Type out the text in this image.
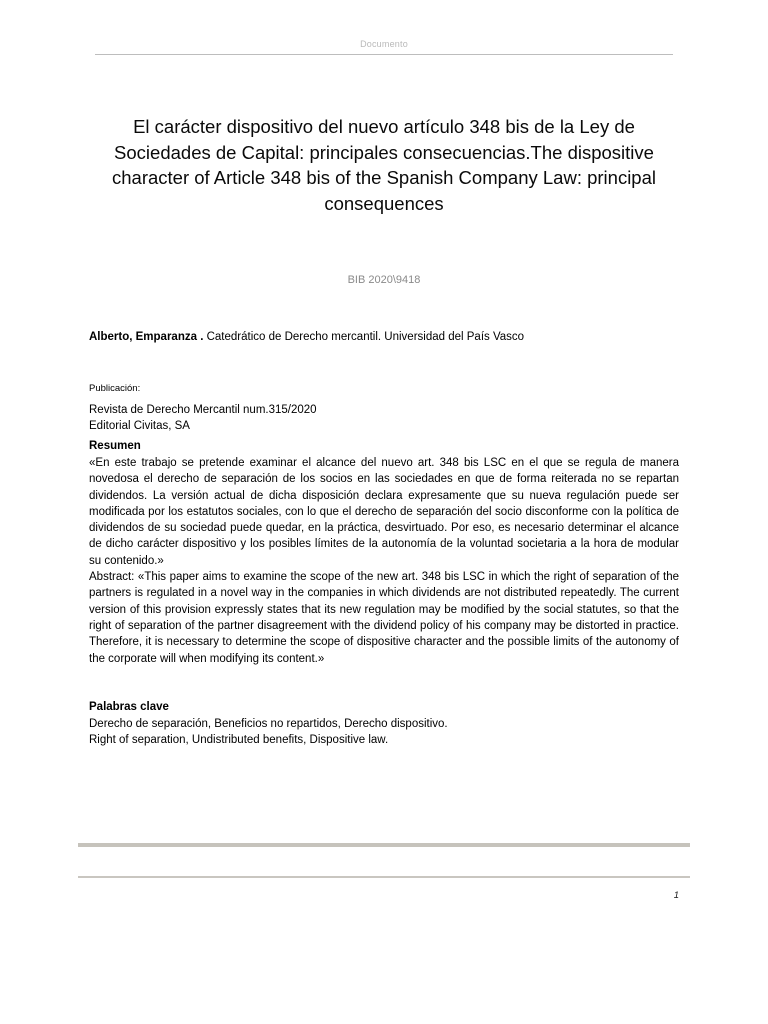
Documento
El carácter dispositivo del nuevo artículo 348 bis de la Ley de Sociedades de Capital: principales consecuencias.The dispositive character of Article 348 bis of the Spanish Company Law: principal consequences
BIB 2020\9418

Alberto, Emparanza . Catedrático de Derecho mercantil. Universidad del País Vasco

Publicación:

Revista de Derecho Mercantil num.315/2020
Editorial Civitas, SA

Resumen

«En este trabajo se pretende examinar el alcance del nuevo art. 348 bis LSC en el que se regula de manera novedosa el derecho de separación de los socios en las sociedades en que de forma reiterada no se repartan dividendos. La versión actual de dicha disposición declara expresamente que su nueva regulación puede ser modificada por los estatutos sociales, con lo que el derecho de separación del socio disconforme con la política de dividendos de su sociedad puede quedar, en la práctica, desvirtuado. Por eso, es necesario determinar el alcance de dicho carácter dispositivo y los posibles límites de la autonomía de la voluntad societaria a la hora de modular su contenido.»

Abstract: «This paper aims to examine the scope of the new art. 348 bis LSC in which the right of separation of the partners is regulated in a novel way in the companies in which dividends are not distributed repeatedly. The current version of this provision expressly states that its new regulation may be modified by the social statutes, so that the right of separation of the partner disagreement with the dividend policy of his company may be distorted in practice. Therefore, it is necessary to determine the scope of dispositive character and the possible limits of the autonomy of the corporate will when modifying its content.»

Palabras clave

Derecho de separación, Beneficios no repartidos, Derecho dispositivo.

Right of separation, Undistributed benefits, Dispositive law.

1
